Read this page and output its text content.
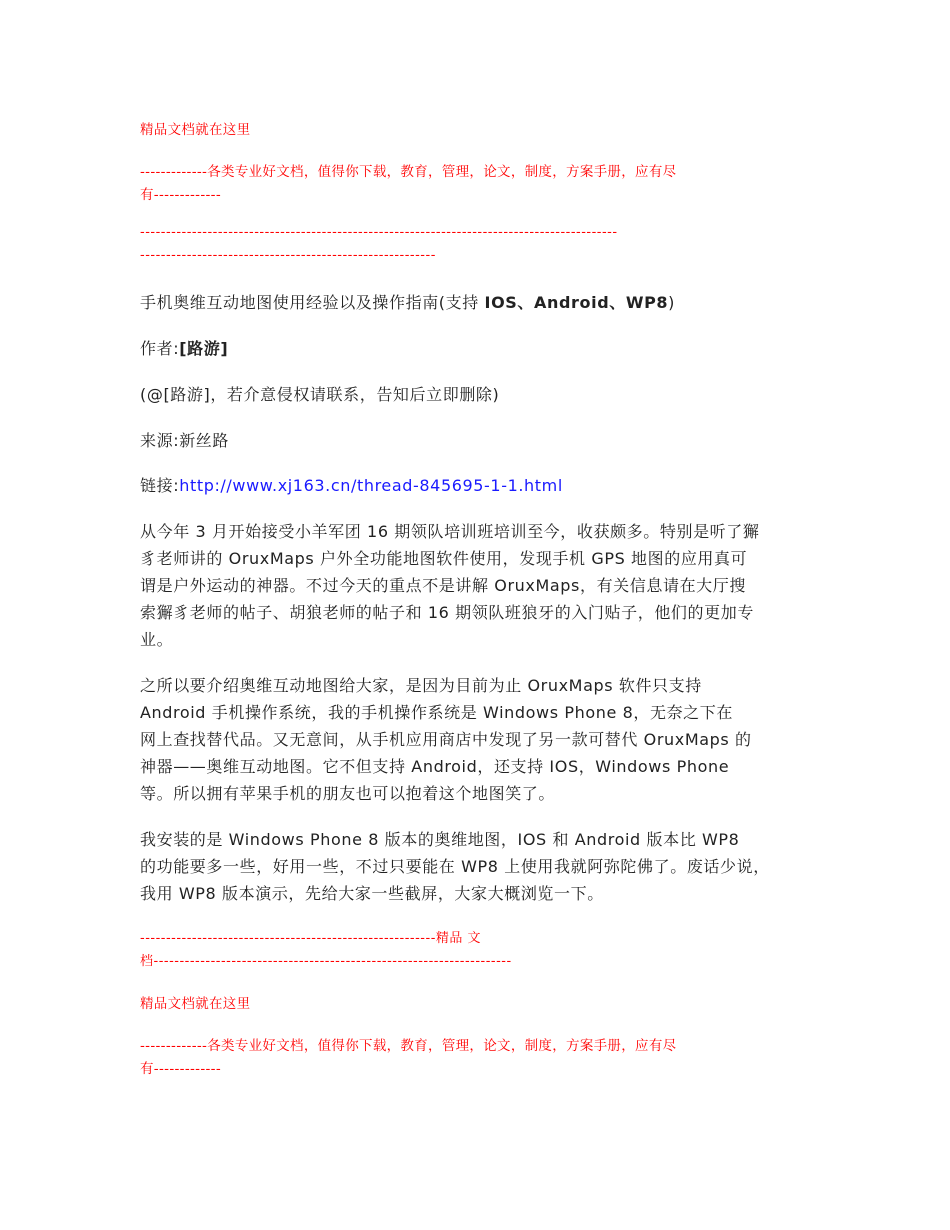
精品文档就在这里
-------------各类专业好文档，值得你下载，教育，管理，论文，制度，方案手册，应有尽
有-------------
--------------------------------------------------------------------------------------------
---------------------------------------------------------
手机奥维互动地图使用经验以及操作指南(支持 IOS、Android、WP8)
作者:[路游]
(@[路游]，若介意侵权请联系，告知后立即删除)
来源:新丝路
链接:http://www.xj163.cn/thread-845695-1-1.html
从今年 3 月开始接受小羊军团 16 期领队培训班培训至今，收获颇多。特别是听了獬
豸老师讲的 OruxMaps 户外全功能地图软件使用，发现手机 GPS 地图的应用真可
谓是户外运动的神器。不过今天的重点不是讲解 OruxMaps，有关信息请在大厅搜
索獬豸老师的帖子、胡狼老师的帖子和 16 期领队班狼牙的入门贴子，他们的更加专
业。
之所以要介绍奥维互动地图给大家，是因为目前为止 OruxMaps 软件只支持
Android 手机操作系统，我的手机操作系统是 Windows Phone 8，无奈之下在
网上查找替代品。又无意间，从手机应用商店中发现了另一款可替代 OruxMaps 的
神器——奥维互动地图。它不但支持 Android，还支持 IOS，Windows Phone
等。所以拥有苹果手机的朋友也可以抱着这个地图笑了。
我安装的是 Windows Phone 8 版本的奥维地图，IOS 和 Android 版本比 WP8
的功能要多一些，好用一些，不过只要能在 WP8 上使用我就阿弥陀佛了。废话少说，
我用 WP8 版本演示，先给大家一些截屏，大家大概浏览一下。
---------------------------------------------------------精品 文
档---------------------------------------------------------------------
精品文档就在这里
-------------各类专业好文档，值得你下载，教育，管理，论文，制度，方案手册，应有尽
有-------------
